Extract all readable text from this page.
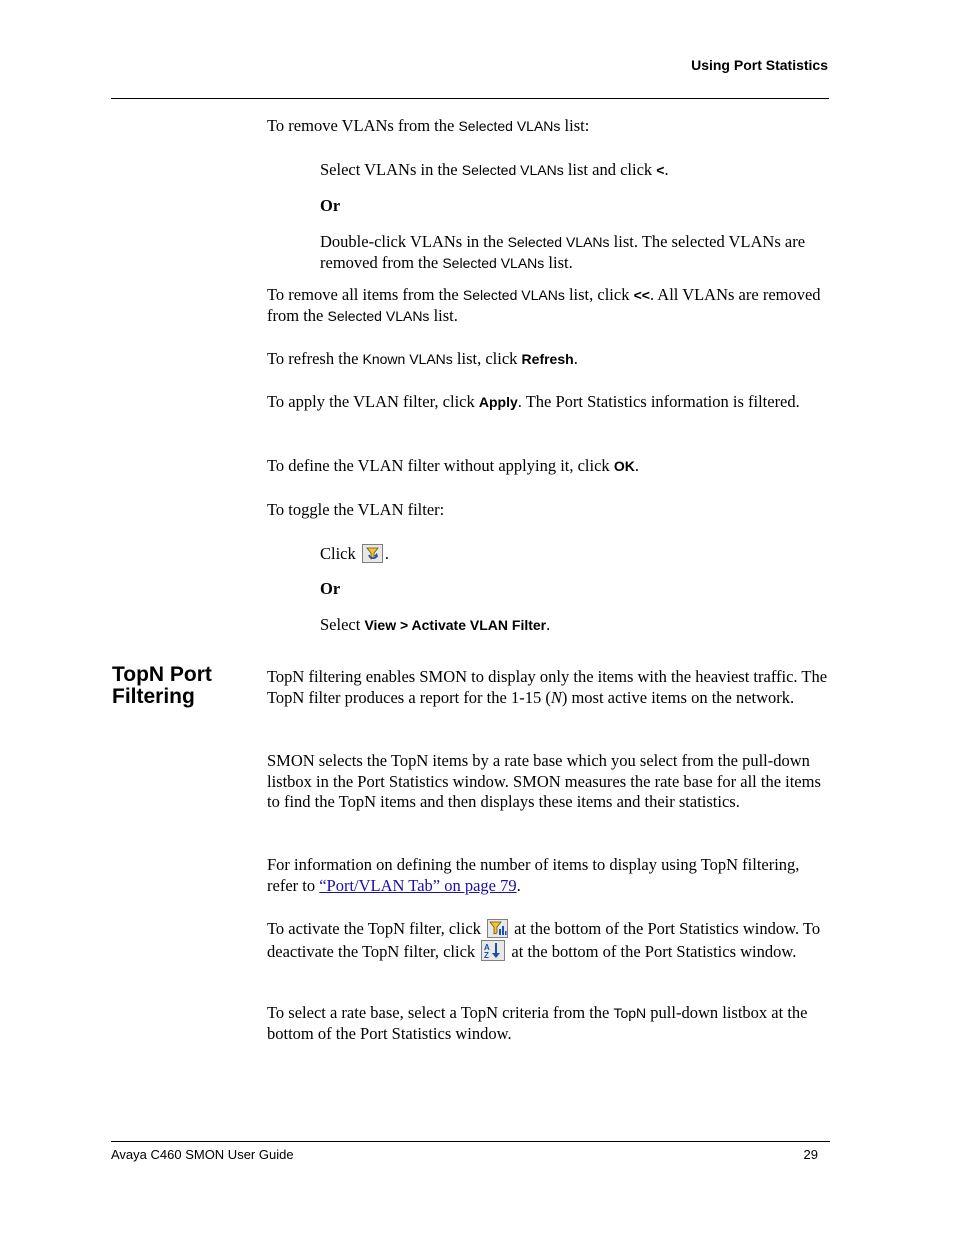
Using Port Statistics

To remove VLANs from the Selected VLANs list:

Select VLANs in the Selected VLANs list and click <.

Or

Double-click VLANs in the Selected VLANs list. The selected VLANs are removed from the Selected VLANs list.

To remove all items from the Selected VLANs list, click <<. All VLANs are removed from the Selected VLANs list.

To refresh the Known VLANs list, click Refresh.

To apply the VLAN filter, click Apply. The Port Statistics information is filtered.

To define the VLAN filter without applying it, click OK.

To toggle the VLAN filter:

Click
.

Or

Select View > Activate VLAN Filter.

TopN Port
Filtering

TopN filtering enables SMON to display only the items with the heaviest traffic. The TopN filter produces a report for the 1-15 (N) most active items on the network.

SMON selects the TopN items by a rate base which you select from the pull-down listbox in the Port Statistics window. SMON measures the rate base for all the items to find the TopN items and then displays these items and their statistics.

For information on defining the number of items to display using TopN filtering, refer to “Port/VLAN Tab” on page 79.

To activate the TopN filter, click
at the bottom of the Port Statistics window. To deactivate the TopN filter, click A
Z at the bottom of the Port Statistics window.

To select a rate base, select a TopN criteria from the TopN pull-down listbox at the bottom of the Port Statistics window.

Avaya C460 SMON User Guide	29
